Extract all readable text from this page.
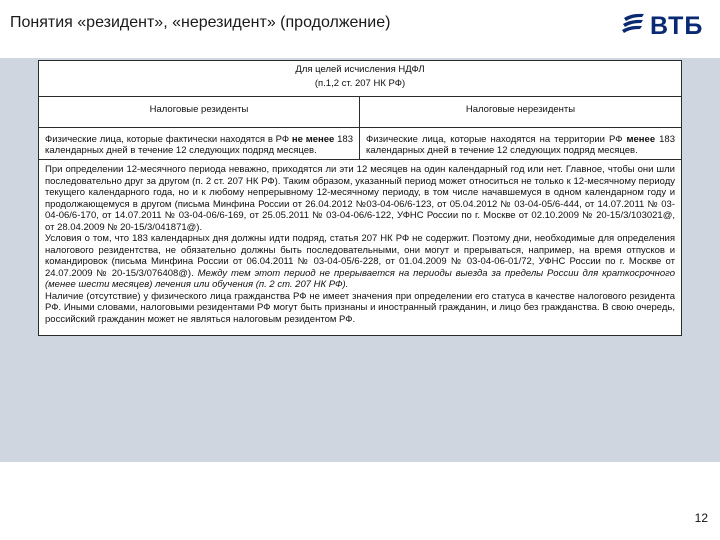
Понятия «резидент», «нерезидент» (продолжение)	ВТБ
Для целей исчисления НДФЛ
(п.1,2 ст. 207 НК РФ)
Налоговые резиденты
Физические лица, которые фактически находятся в РФ не менее 183 календарных дней в течение 12 следующих подряд месяцев.
Налоговые нерезиденты
Физические лица, которые находятся на территории РФ менее 183 календарных дней в течение 12 следующих подряд месяцев.

При определении 12-месячного периода неважно, приходятся ли эти 12 месяцев на один календарный год или нет. Главное, чтобы они шли последовательно друг за другом (п. 2 ст. 207 НК РФ). Таким образом, указанный период может относиться не только к 12-месячному периоду текущего календарного года, но и к любому непрерывному 12-месячному периоду, в том числе начавшемуся в одном календарном году и продолжающемуся в другом (письма Минфина России от 26.04.2012 №03-04-06/6-123, от 05.04.2012 № 03-04-05/6-444, от 14.07.2011 № 03-04-06/6-170, от 14.07.2011 № 03-04-06/6-169, от 25.05.2011 № 03-04-06/6-122, УФНС России по г. Москве от 02.10.2009 № 20-15/3/103021@, от 28.04.2009 № 20-15/3/041871@).

Условия о том, что 183 календарных дня должны идти подряд, статья 207 НК РФ не содержит. Поэтому дни, необходимые для определения налогового резидентства, не обязательно должны быть последовательными, они могут и прерываться, например, на время отпусков и командировок (письма Минфина России от 06.04.2011 № 03-04-05/6-228, от 01.04.2009 № 03-04-06-01/72, УФНС России по г. Москве от 24.07.2009 № 20-15/3/076408@). Между тем этот период не прерывается на периоды выезда за пределы России для краткосрочного (менее шести месяцев) лечения или обучения (п. 2 ст. 207 НК РФ).

Наличие (отсутствие) у физического лица гражданства РФ не имеет значения при определении его статуса в качестве налогового резидента РФ. Иными словами, налоговыми резидентами РФ могут быть признаны и иностранный гражданин, и лицо без гражданства. В свою очередь, российский гражданин может не являться налоговым резидентом РФ.

12
